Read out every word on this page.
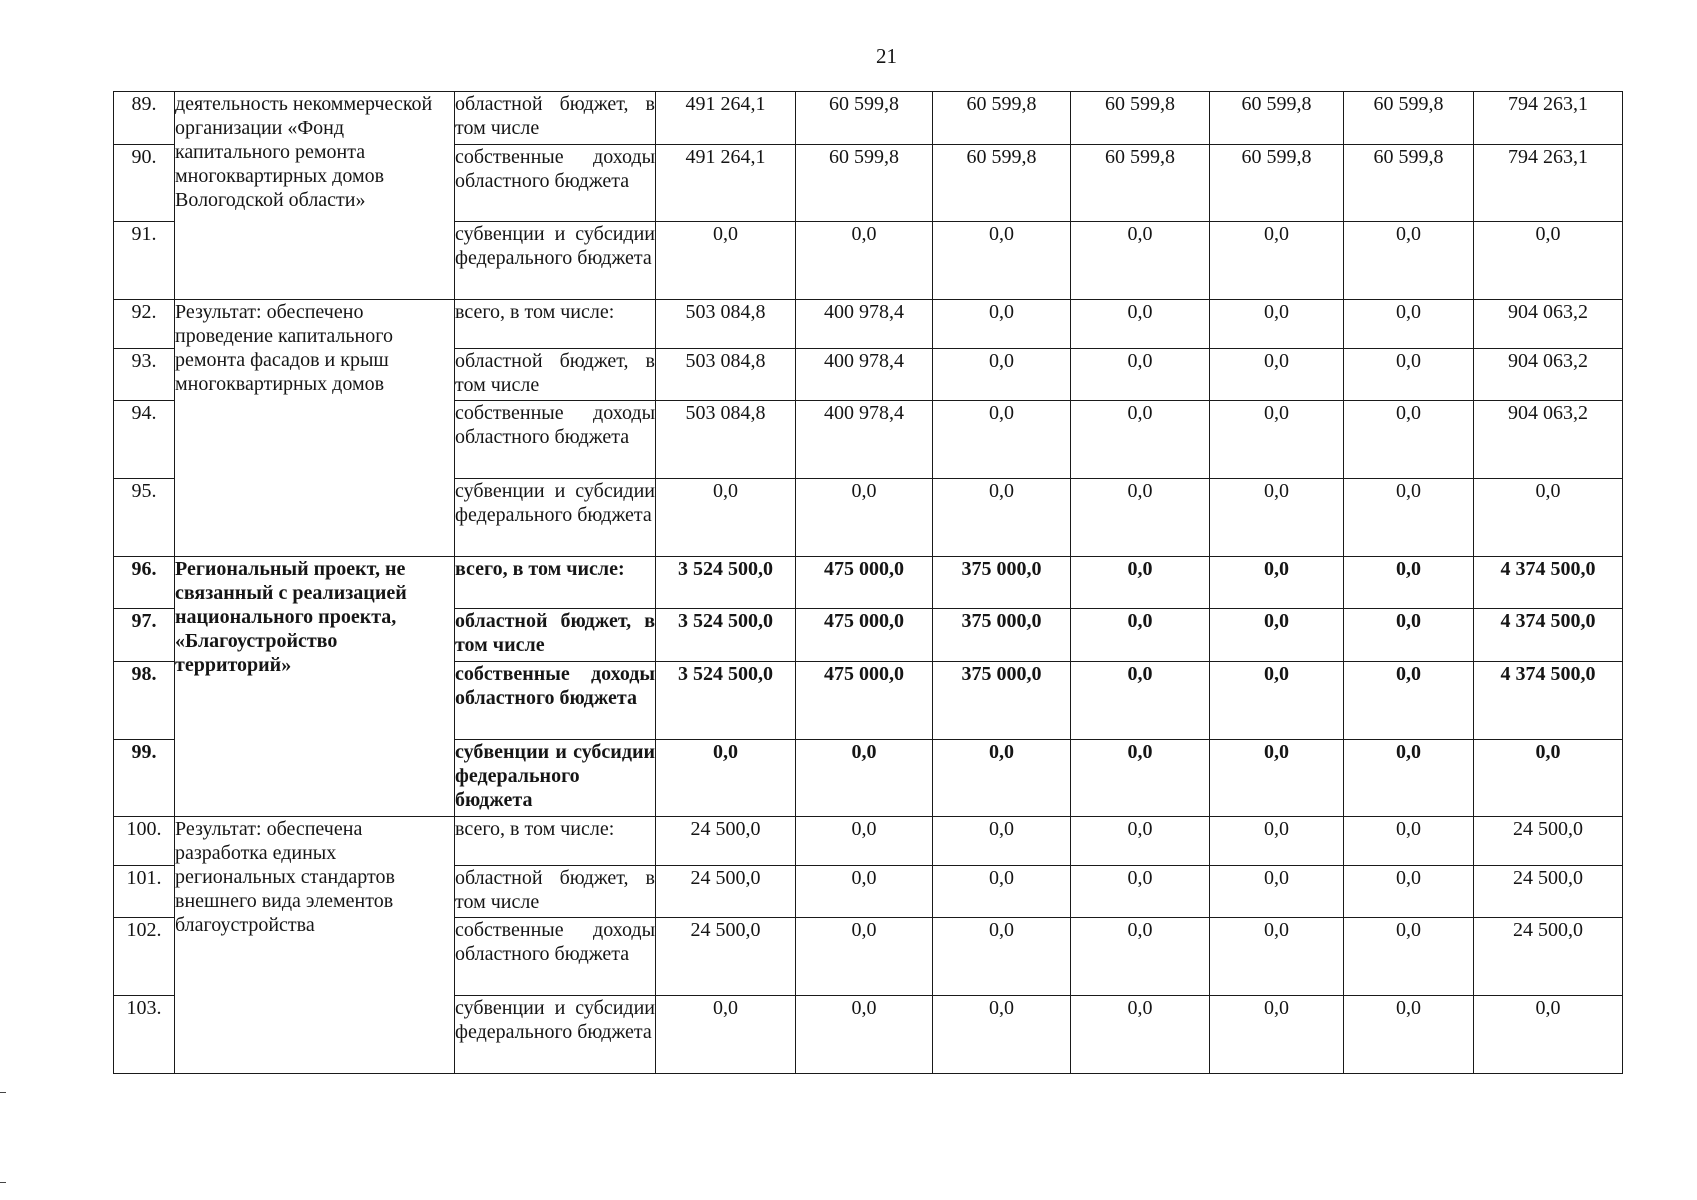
21
89.	деятельность некоммерческой организации «Фонд капитального ремонта многоквартирных домов Вологодской области»	областной бюджет, в том числе	491 264,1	60 599,8	60 599,8	60 599,8	60 599,8	60 599,8	794 263,1
90.		собственные доходы областного бюджета	491 264,1	60 599,8	60 599,8	60 599,8	60 599,8	60 599,8	794 263,1
91.		субвенции и субсидии федерального бюджета	0,0	0,0	0,0	0,0	0,0	0,0	0,0
92.	Результат: обеспечено проведение капитального ремонта фасадов и крыш многоквартирных домов	всего, в том числе:	503 084,8	400 978,4	0,0	0,0	0,0	0,0	904 063,2
93.		областной бюджет, в том числе	503 084,8	400 978,4	0,0	0,0	0,0	0,0	904 063,2
94.		собственные доходы областного бюджета	503 084,8	400 978,4	0,0	0,0	0,0	0,0	904 063,2
95.		субвенции и субсидии федерального бюджета	0,0	0,0	0,0	0,0	0,0	0,0	0,0
96.	Региональный проект, не связанный с реализацией национального проекта, «Благоустройство территорий»	всего, в том числе:	3 524 500,0	475 000,0	375 000,0	0,0	0,0	0,0	4 374 500,0
97.		областной бюджет, в том числе	3 524 500,0	475 000,0	375 000,0	0,0	0,0	0,0	4 374 500,0
98.		собственные доходы областного бюджета	3 524 500,0	475 000,0	375 000,0	0,0	0,0	0,0	4 374 500,0
99.		субвенции и субсидии федерального бюджета	0,0	0,0	0,0	0,0	0,0	0,0	0,0
100.	Результат: обеспечена разработка единых региональных стандартов внешнего вида элементов благоустройства	всего, в том числе:	24 500,0	0,0	0,0	0,0	0,0	0,0	24 500,0
101.		областной бюджет, в том числе	24 500,0	0,0	0,0	0,0	0,0	0,0	24 500,0
102.		собственные доходы областного бюджета	24 500,0	0,0	0,0	0,0	0,0	0,0	24 500,0
103.		субвенции и субсидии федерального бюджета	0,0	0,0	0,0	0,0	0,0	0,0	0,0
